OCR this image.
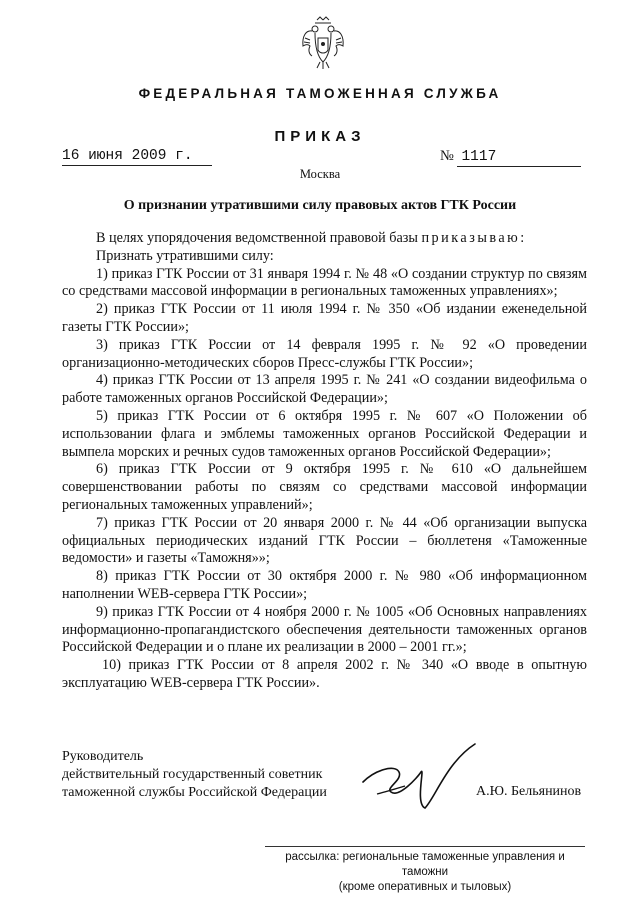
ФЕДЕРАЛЬНАЯ ТАМОЖЕННАЯ СЛУЖБА
ПРИКАЗ
16 июня 2009 г.	№ 1117
Москва
О признании утратившими силу правовых актов ГТК России

В целях упорядочения ведомственной правовой базы приказываю:

Признать утратившими силу:

1) приказ ГТК России от 31 января 1994 г. № 48 «О создании структур по связям со средствами массовой информации в региональных таможенных управлениях»;

2) приказ ГТК России от 11 июля 1994 г. № 350 «Об издании еженедельной газеты ГТК России»;

3) приказ ГТК России от 14 февраля 1995 г. № 92 «О проведении организационно-методических сборов Пресс-службы ГТК России»;

4) приказ ГТК России от 13 апреля 1995 г. № 241 «О создании видеофильма о работе таможенных органов Российской Федерации»;

5) приказ ГТК России от 6 октября 1995 г. № 607 «О Положении об использовании флага и эмблемы таможенных органов Российской Федерации и вымпела морских и речных судов таможенных органов Российской Федерации»;

6) приказ ГТК России от 9 октября 1995 г. № 610 «О дальнейшем совершенствовании работы по связям со средствами массовой информации региональных таможенных управлений»;

7) приказ ГТК России от 20 января 2000 г. № 44 «Об организации выпуска официальных периодических изданий ГТК России – бюллетеня «Таможенные ведомости» и газеты «Таможня»»;

8) приказ ГТК России от 30 октября 2000 г. № 980 «Об информационном наполнении WEB-сервера ГТК России»;

9) приказ ГТК России от 4 ноября 2000 г. № 1005 «Об Основных направлениях информационно-пропагандистского обеспечения деятельности таможенных органов Российской Федерации и о плане их реализации в 2000 – 2001 гг.»;

10) приказ ГТК России от 8 апреля 2002 г. № 340 «О вводе в опытную эксплуатацию WEB-сервера ГТК России».

Руководитель
действительный государственный советник
таможенной службы Российской Федерации	А.Ю. Бельянинов
рассылка: региональные таможенные управления и таможни
(кроме оперативных и тыловых)
